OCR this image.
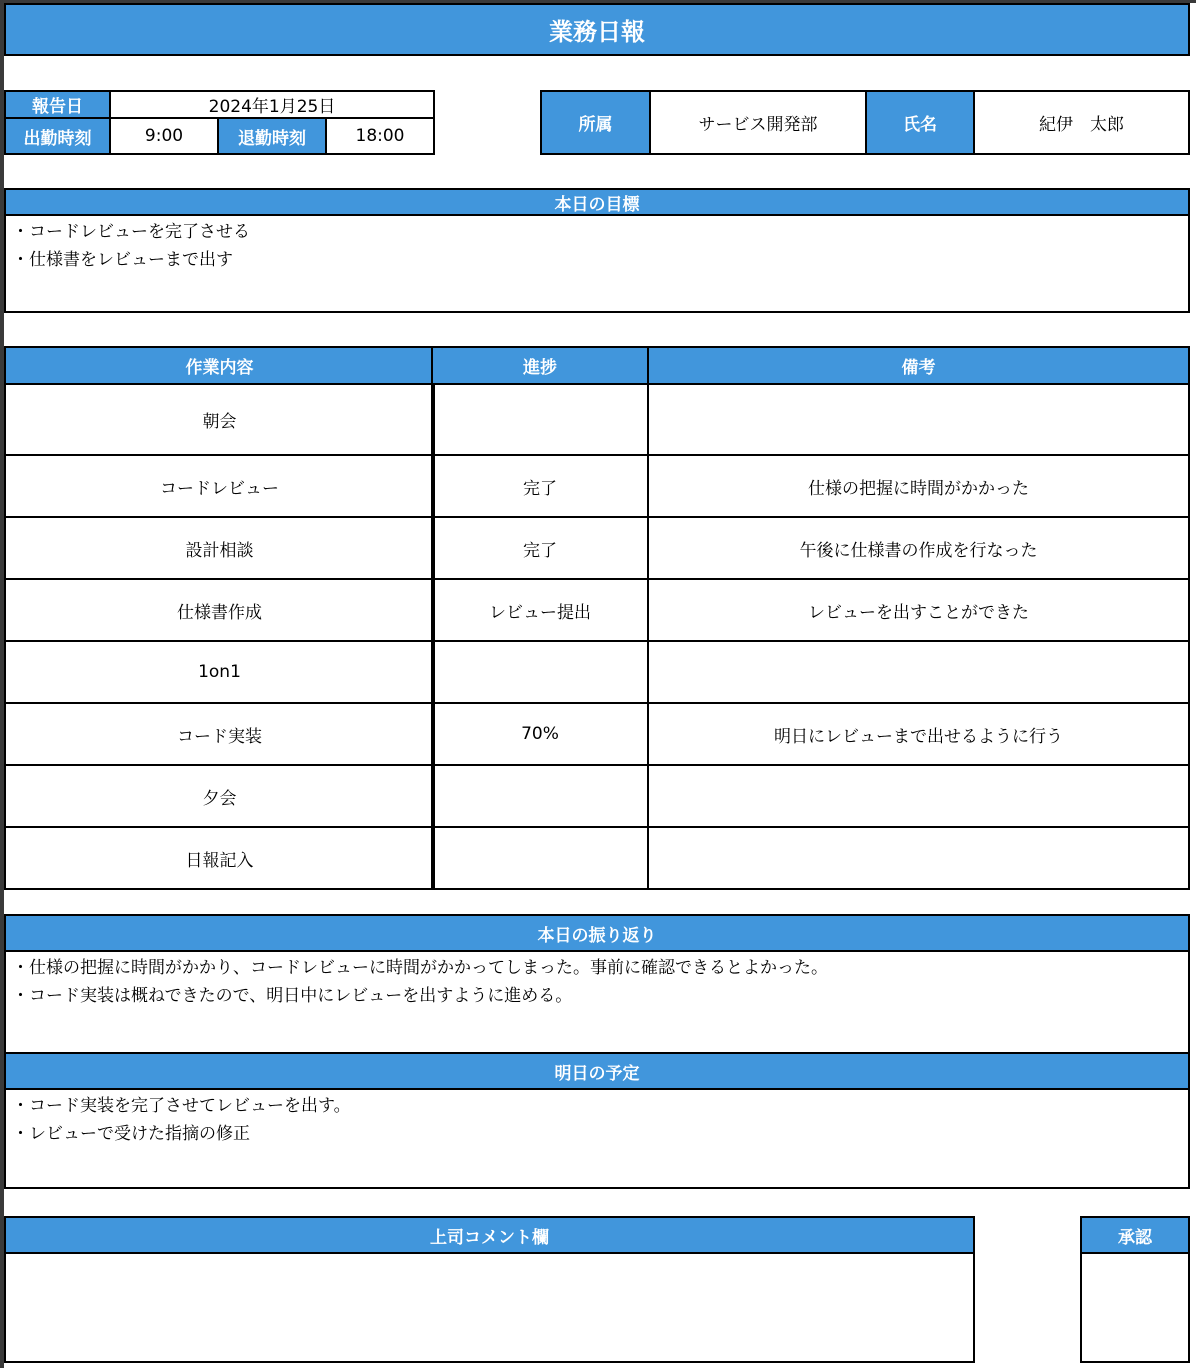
業務日報
報告日	2024年1月25日
出勤時刻	9:00	退勤時刻	18:00
所属	サービス開発部	氏名	紀伊　太郎
本日の目標
・コードレビューを完了させる
・仕様書をレビューまで出す
作業内容	進捗	備考
朝会
コードレビュー	完了	仕様の把握に時間がかかった
設計相談	完了	午後に仕様書の作成を行なった
仕様書作成	レビュー提出	レビューを出すことができた
1on1
コード実装	70%	明日にレビューまで出せるように行う
夕会
日報記入
本日の振り返り
・仕様の把握に時間がかかり、コードレビューに時間がかかってしまった。事前に確認できるとよかった。
・コード実装は概ねできたので、明日中にレビューを出すように進める。
明日の予定
・コード実装を完了させてレビューを出す。
・レビューで受けた指摘の修正
上司コメント欄	承認
